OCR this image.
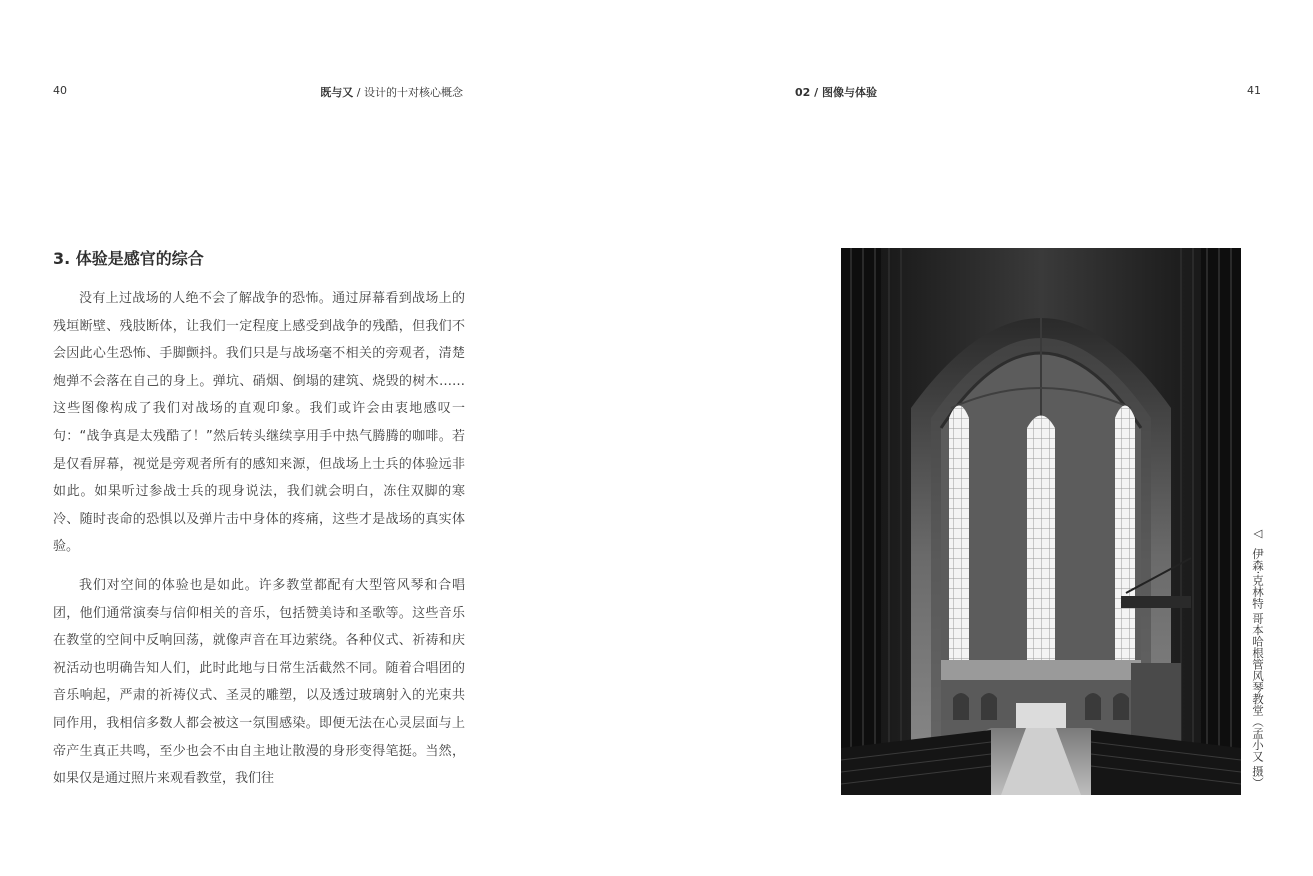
40	既与又 / 设计的十对核心概念	02 / 图像与体验	41
3. 体验是感官的综合

没有上过战场的人绝不会了解战争的恐怖。通过屏幕看到战场上的残垣断壁、残肢断体，让我们一定程度上感受到战争的残酷，但我们不会因此心生恐怖、手脚颤抖。我们只是与战场毫不相关的旁观者，清楚炮弹不会落在自己的身上。弹坑、硝烟、倒塌的建筑、烧毁的树木……这些图像构成了我们对战场的直观印象。我们或许会由衷地感叹一句：“战争真是太残酷了！”然后转头继续享用手中热气腾腾的咖啡。若是仅看屏幕，视觉是旁观者所有的感知来源，但战场上士兵的体验远非如此。如果听过参战士兵的现身说法，我们就会明白，冻住双脚的寒冷、随时丧命的恐惧以及弹片击中身体的疼痛，这些才是战场的真实体验。

我们对空间的体验也是如此。许多教堂都配有大型管风琴和合唱团，他们通常演奏与信仰相关的音乐，包括赞美诗和圣歌等。这些音乐在教堂的空间中反响回荡，就像声音在耳边萦绕。各种仪式、祈祷和庆祝活动也明确告知人们，此时此地与日常生活截然不同。随着合唱团的音乐响起，严肃的祈祷仪式、圣灵的雕塑，以及透过玻璃射入的光束共同作用，我相信多数人都会被这一氛围感染。即便无法在心灵层面与上帝产生真正共鸣，至少也会不由自主地让散漫的身形变得笔挺。当然，如果仅是通过照片来观看教堂，我们往

◁ 伊森·克林特 哥本哈根管风琴教堂（孟小又 摄）
